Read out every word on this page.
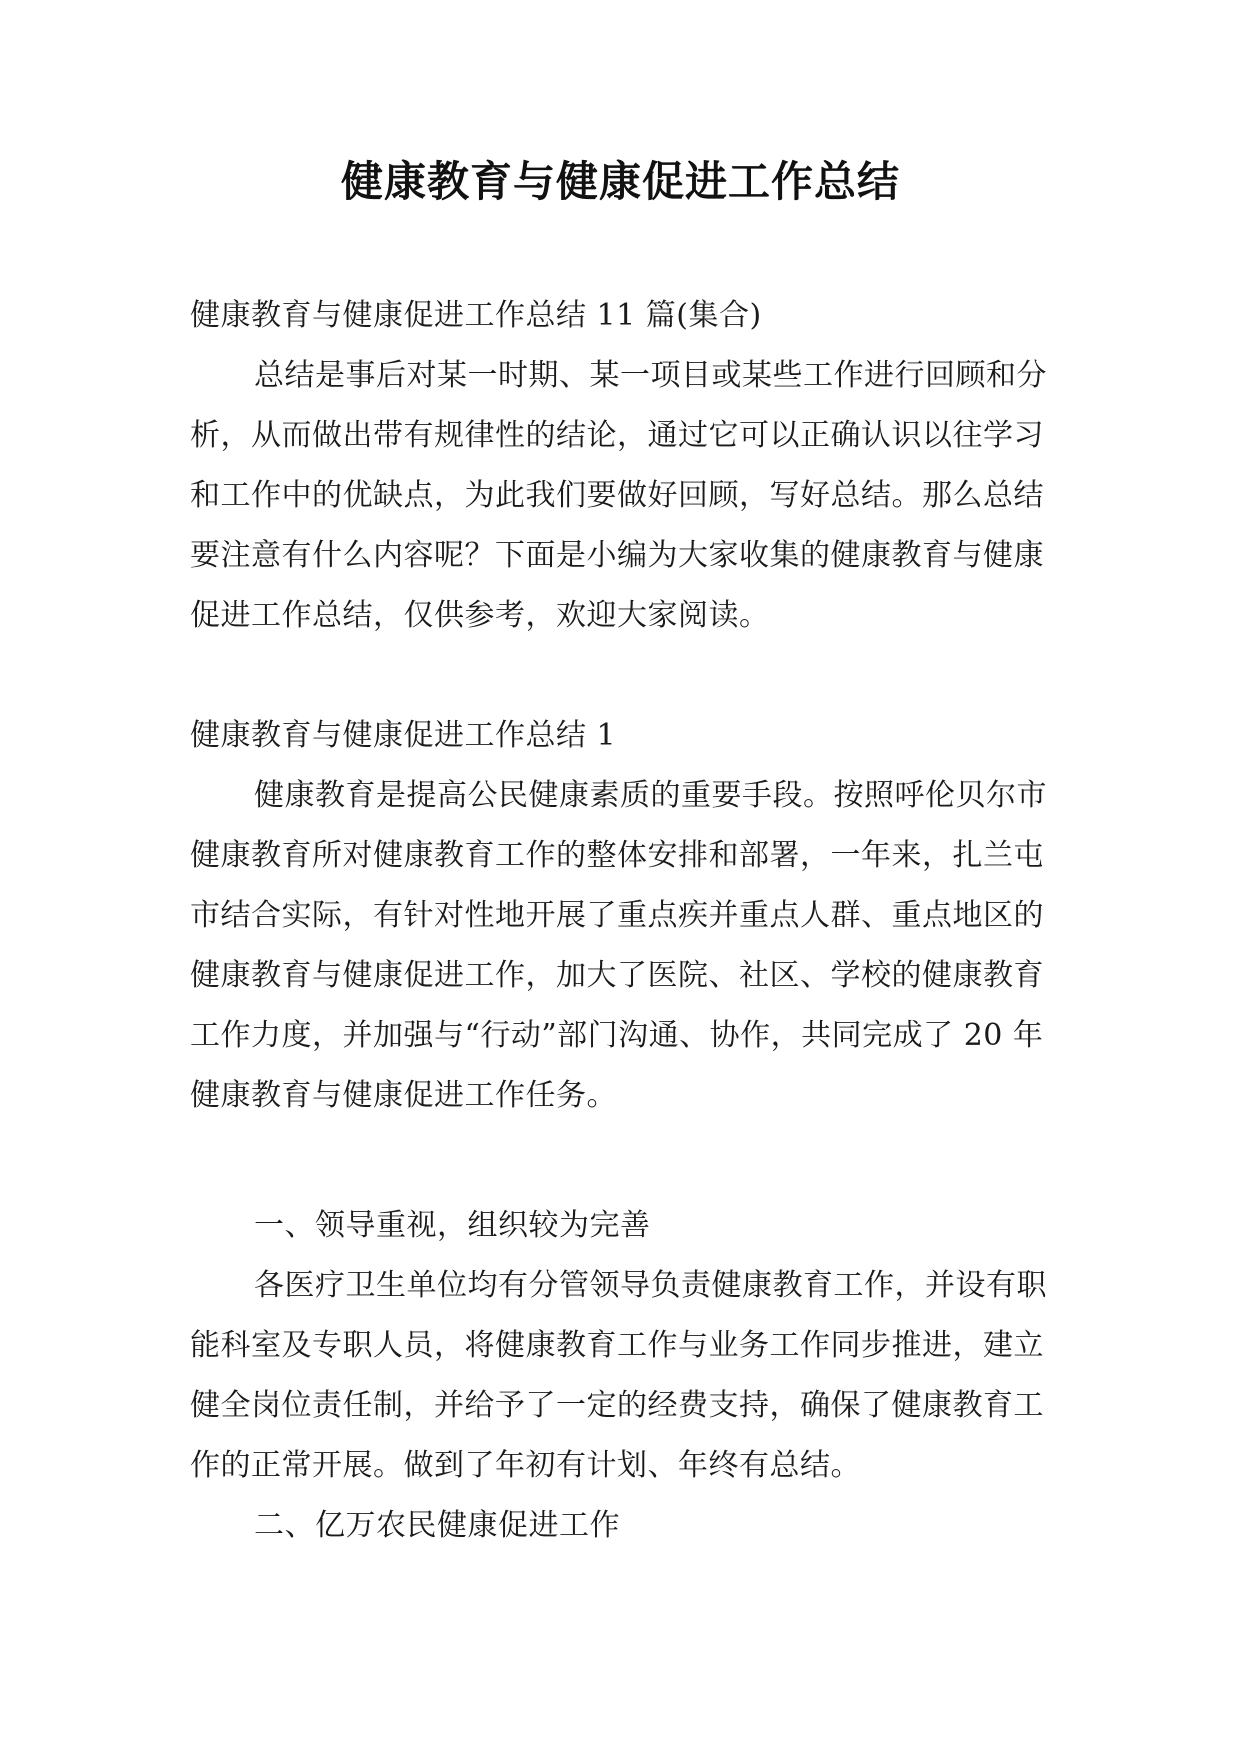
健康教育与健康促进工作总结

健康教育与健康促进工作总结 11 篇(集合)

总结是事后对某一时期、某一项目或某些工作进行回顾和分析，从而做出带有规律性的结论，通过它可以正确认识以往学习和工作中的优缺点，为此我们要做好回顾，写好总结。那么总结要注意有什么内容呢？下面是小编为大家收集的健康教育与健康促进工作总结，仅供参考，欢迎大家阅读。

健康教育与健康促进工作总结 1

健康教育是提高公民健康素质的重要手段。按照呼伦贝尔市健康教育所对健康教育工作的整体安排和部署，一年来，扎兰屯市结合实际，有针对性地开展了重点疾并重点人群、重点地区的健康教育与健康促进工作，加大了医院、社区、学校的健康教育工作力度，并加强与“行动”部门沟通、协作，共同完成了 20 年健康教育与健康促进工作任务。

一、领导重视，组织较为完善

各医疗卫生单位均有分管领导负责健康教育工作，并设有职能科室及专职人员，将健康教育工作与业务工作同步推进，建立健全岗位责任制，并给予了一定的经费支持，确保了健康教育工作的正常开展。做到了年初有计划、年终有总结。

二、亿万农民健康促进工作
